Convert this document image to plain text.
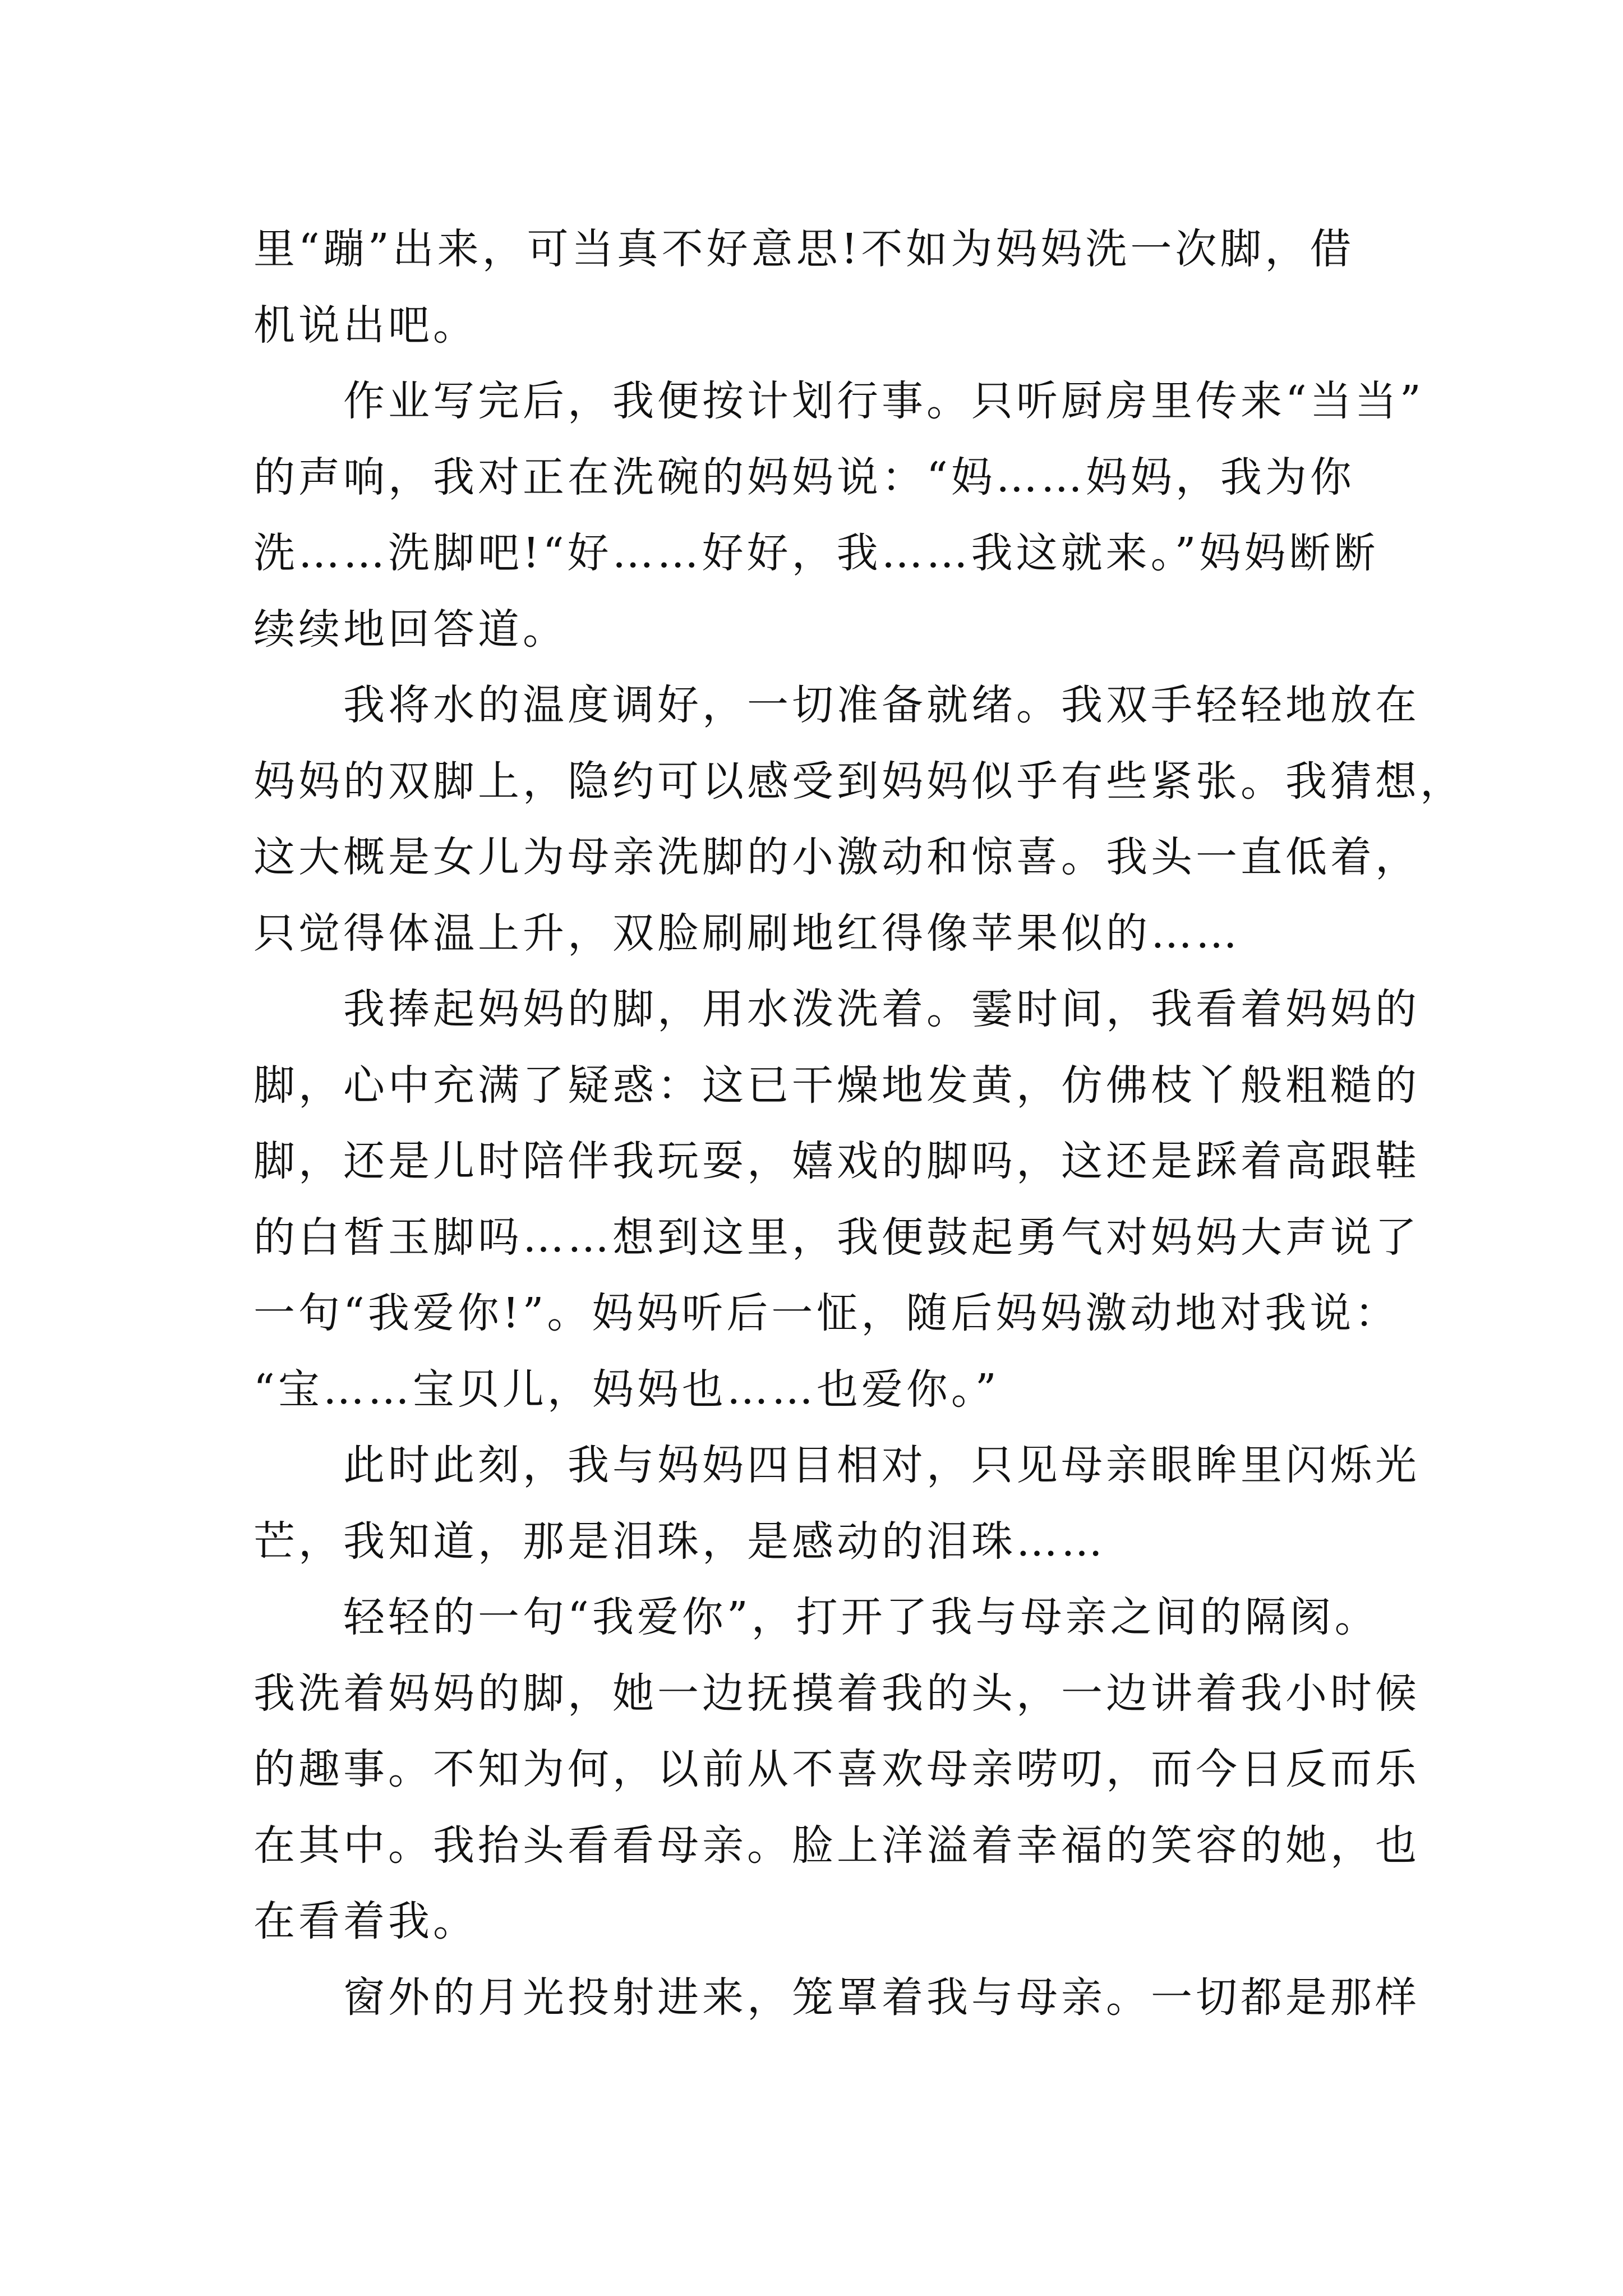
里“蹦”出来，可当真不好意思!不如为妈妈洗一次脚，借
机说出吧。

作业写完后，我便按计划行事。只听厨房里传来“当当”
的声响，我对正在洗碗的妈妈说：“妈……妈妈，我为你
洗……洗脚吧!“好……好好，我……我这就来。”妈妈断断
续续地回答道。

我将水的温度调好，一切准备就绪。我双手轻轻地放在
妈妈的双脚上，隐约可以感受到妈妈似乎有些紧张。我猜想，
这大概是女儿为母亲洗脚的小激动和惊喜。我头一直低着，
只觉得体温上升，双脸刷刷地红得像苹果似的……

我捧起妈妈的脚，用水泼洗着。霎时间，我看着妈妈的
脚，心中充满了疑惑：这已干燥地发黄，仿佛枝丫般粗糙的
脚，还是儿时陪伴我玩耍，嬉戏的脚吗，这还是踩着高跟鞋
的白皙玉脚吗……想到这里，我便鼓起勇气对妈妈大声说了
一句“我爱你!”。妈妈听后一怔，随后妈妈激动地对我说：
“宝……宝贝儿，妈妈也……也爱你。”

此时此刻，我与妈妈四目相对，只见母亲眼眸里闪烁光
芒，我知道，那是泪珠，是感动的泪珠……

轻轻的一句“我爱你”，打开了我与母亲之间的隔阂。
我洗着妈妈的脚，她一边抚摸着我的头，一边讲着我小时候
的趣事。不知为何，以前从不喜欢母亲唠叨，而今日反而乐
在其中。我抬头看看母亲。脸上洋溢着幸福的笑容的她，也
在看着我。

窗外的月光投射进来，笼罩着我与母亲。一切都是那样
